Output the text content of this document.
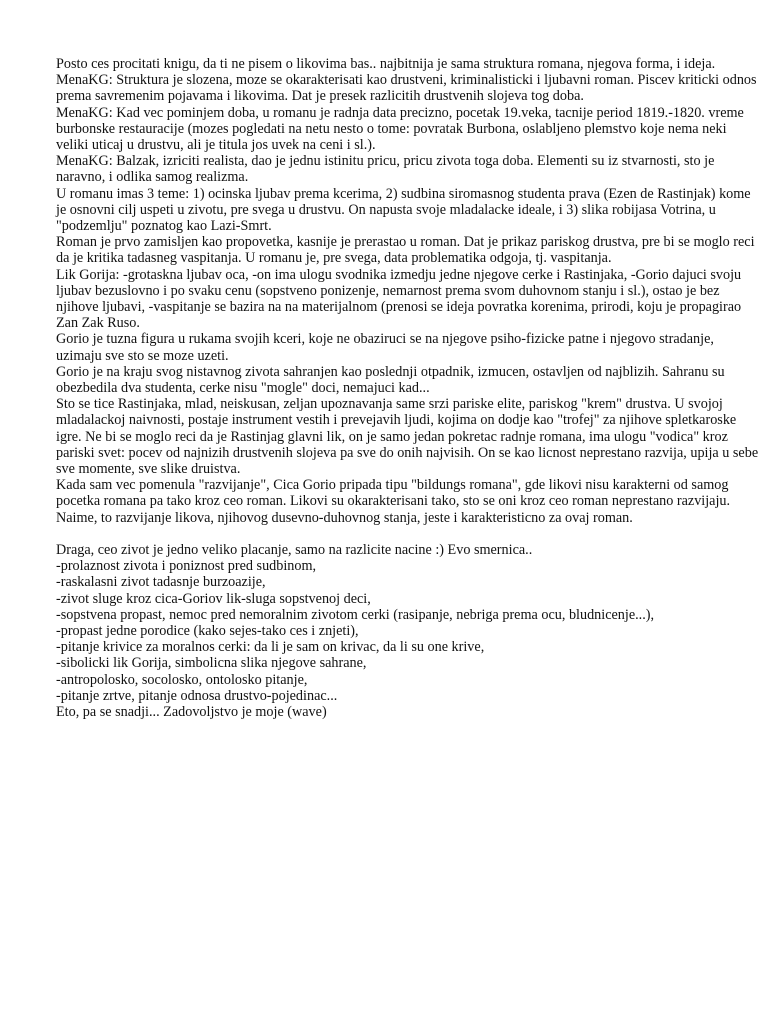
Posto ces procitati knigu, da ti ne pisem o likovima bas.. najbitnija je sama struktura romana, njegova forma, i ideja.

MenaKG: Struktura je slozena, moze se okarakterisati kao drustveni, kriminalisticki i ljubavni roman. Piscev kriticki odnos prema savremenim pojavama i likovima. Dat je presek razlicitih drustvenih slojeva tog doba.

MenaKG: Kad vec pominjem doba, u romanu je radnja data precizno, pocetak 19.veka, tacnije period 1819.-1820. vreme burbonske restauracije (mozes pogledati na netu nesto o tome: povratak Burbona, oslabljeno plemstvo koje nema neki veliki uticaj u drustvu, ali je titula jos uvek na ceni i sl.).

MenaKG: Balzak, izriciti realista, dao je jednu istinitu pricu, pricu zivota toga doba. Elementi su iz stvarnosti, sto je naravno, i odlika samog realizma.

U romanu imas 3 teme: 1) ocinska ljubav prema kcerima, 2) sudbina siromasnog studenta prava (Ezen de Rastinjak) kome je osnovni cilj uspeti u zivotu, pre svega u drustvu. On napusta svoje mladalacke ideale, i 3) slika robijasa Votrina, u "podzemlju" poznatog kao Lazi-Smrt.

Roman je prvo zamisljen kao propovetka, kasnije je prerastao u roman. Dat je prikaz pariskog drustva, pre bi se moglo reci da je kritika tadasneg vaspitanja. U romanu je, pre svega, data problematika odgoja, tj. vaspitanja.

Lik Gorija: -grotaskna ljubav oca, -on ima ulogu svodnika izmedju jedne njegove cerke i Rastinjaka, -Gorio dajuci svoju ljubav bezuslovno i po svaku cenu (sopstveno ponizenje, nemarnost prema svom duhovnom stanju i sl.), ostao je bez njihove ljubavi, -vaspitanje se bazira na na materijalnom (prenosi se ideja povratka korenima, prirodi, koju je propagirao Zan Zak Ruso.

Gorio je tuzna figura u rukama svojih kceri, koje ne obaziruci se na njegove psiho-fizicke patne i njegovo stradanje, uzimaju sve sto se moze uzeti.

Gorio je na kraju svog nistavnog zivota sahranjen kao poslednji otpadnik, izmucen, ostavljen od najblizih. Sahranu su obezbedila dva studenta, cerke nisu "mogle" doci, nemajuci kad...

Sto se tice Rastinjaka, mlad, neiskusan, zeljan upoznavanja same srzi pariske elite, pariskog "krem" drustva. U svojoj mladalackoj naivnosti, postaje instrument vestih i prevejavih ljudi, kojima on dodje kao "trofej" za njihove spletkaroske igre. Ne bi se moglo reci da je Rastinjag glavni lik, on je samo jedan pokretac radnje romana, ima ulogu "vodica" kroz pariski svet: pocev od najnizih drustvenih slojeva pa sve do onih najvisih. On se kao licnost neprestano razvija, upija u sebe sve momente, sve slike druistva.

Kada sam vec pomenula "razvijanje", Cica Gorio pripada tipu "bildungs romana", gde likovi nisu karakterni od samog pocetka romana pa tako kroz ceo roman. Likovi su okarakterisani tako, sto se oni kroz ceo roman neprestano razvijaju. Naime, to razvijanje likova, njihovog dusevno-duhovnog stanja, jeste i karakteristicno za ovaj roman.

Draga, ceo zivot je jedno veliko placanje, samo na razlicite nacine :) Evo smernica..

-prolaznost zivota i poniznost pred sudbinom,

-raskalasni zivot tadasnje burzoazije,

-zivot sluge kroz cica-Goriov lik-sluga sopstvenoj deci,

-sopstvena propast, nemoc pred nemoralnim zivotom cerki (rasipanje, nebriga prema ocu, bludnicenje...),

-propast jedne porodice (kako sejes-tako ces i znjeti),

-pitanje krivice za moralnos cerki: da li je sam on krivac, da li su one krive,

-sibolicki lik Gorija, simbolicna slika njegove sahrane,

-antropolosko, socolosko, ontolosko pitanje,

-pitanje zrtve, pitanje odnosa drustvo-pojedinac...

Eto, pa se snadji... Zadovoljstvo je moje (wave)
